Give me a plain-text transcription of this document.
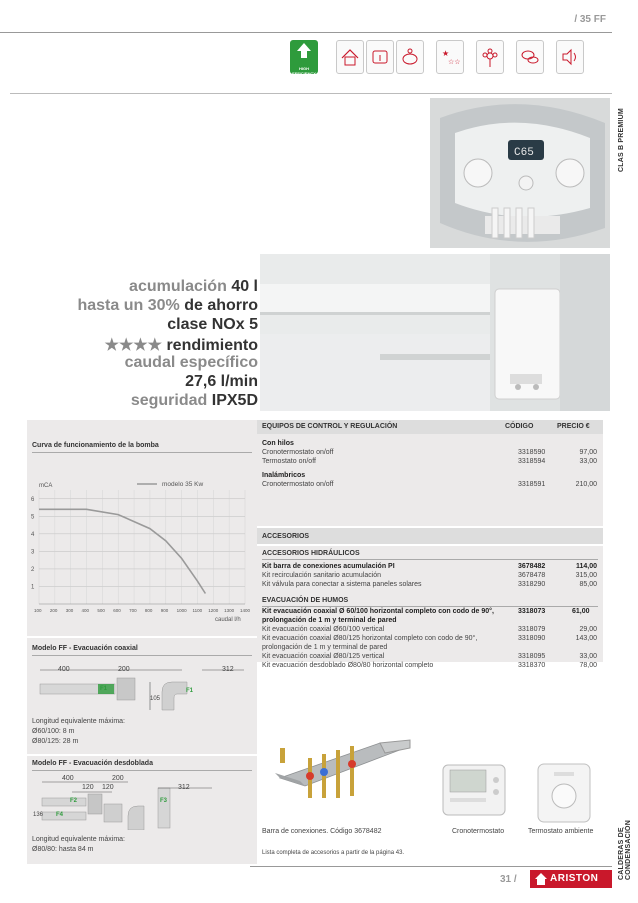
/ 35 FF
HIGH
EFFICIENCY
★
☆☆
CLAS B PREMIUM
CALDERAS DE CONDENSACIÓN
C65
acumulación 40 l
hasta un 30% de ahorro
clase NOx 5
★★★★ rendimiento
caudal específico
27,6 l/min
seguridad IPX5D
Curva de funcionamiento de la bomba
1
2
3
4
5
6
100 200 300 400 500 600 700 800 900 1000 1100 1200 1300 1400
mCA
caudal l/h
modelo 35 Kw
Modelo FF - Evacuación coaxial
400	200	312
105
F1	F1
Longitud equivalente máxima:
Ø60/100: 8 m
Ø80/125: 28 m
Modelo FF - Evacuación desdoblada
400	200
120 120	312
136
F2	F3
F4
Longitud equivalente máxima:
Ø80/80: hasta 84 m
EQUIPOS DE CONTROL Y REGULACIÓN	CÓDIGO	PRECIO €
Con hilos
Cronotermostato on/off	3318590	97,00
Termostato on/off	3318594	33,00
Inalámbricos
Cronotermostato on/off	3318591	210,00
ACCESORIOS
ACCESORIOS HIDRÁULICOS
Kit barra de conexiones acumulación PI	3678482	114,00
Kit recirculación sanitario acumulación	3678478	315,00
Kit válvula para conectar a sistema paneles solares	3318290	85,00
EVACUACIÓN DE HUMOS
Kit evacuación coaxial Ø 60/100 horizontal completo con codo de 90°,
prolongación de 1 m y terminal de pared
3318073	61,00
Kit evacuación coaxial Ø60/100 vertical	3318079	29,00
Kit evacuación coaxial Ø80/125 horizontal completo con codo de 90°,	3318090	143,00
prolongación de 1 m y terminal de pared
Kit evacuación coaxial Ø80/125 vertical	3318095	33,00
Kit evacuación desdoblado Ø80/80 horizontal completo	3318370	78,00
Barra de conexiones. Código 3678482	Cronotermostato	Termostato ambiente
Lista completa de accesorios a partir de la página 43.
31 /	ARISTON
